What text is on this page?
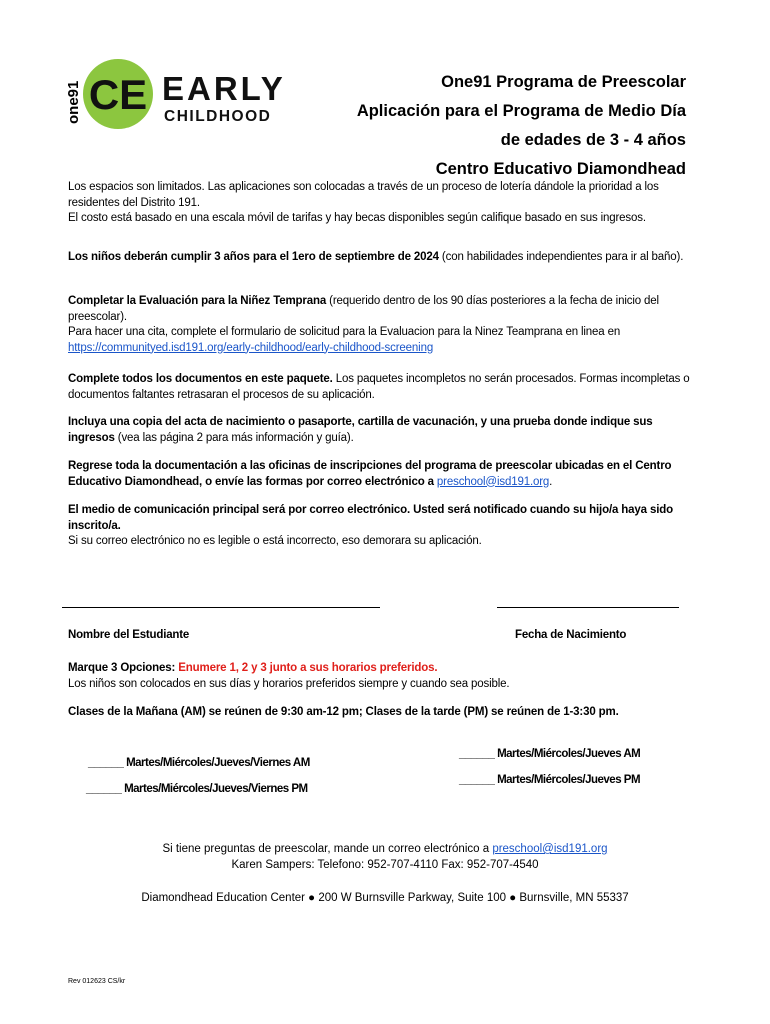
one91 CE EARLY
CHILDHOOD
One91 Programa de Preescolar
Aplicación para el Programa de Medio Día
de edades de 3 - 4 años
Centro Educativo Diamondhead
Los espacios son limitados. Las aplicaciones son colocadas a través de un proceso de lotería dándole la prioridad a los residentes del Distrito 191.
El costo está basado en una escala móvil de tarifas y hay becas disponibles según califique basado en sus ingresos.
Los niños deberán cumplir 3 años para el 1ero de septiembre de 2024 (con habilidades independientes para ir al baño).
Completar la Evaluación para la Niñez Temprana (requerido dentro de los 90 días posteriores a la fecha de inicio del preescolar).
Para hacer una cita, complete el formulario de solicitud para la Evaluacion para la Ninez Teamprana en linea en
https://communityed.isd191.org/early-childhood/early-childhood-screening
Complete todos los documentos en este paquete. Los paquetes incompletos no serán procesados. Formas incompletas o documentos faltantes retrasaran el procesos de su aplicación.
Incluya una copia del acta de nacimiento o pasaporte, cartilla de vacunación, y una prueba donde indique sus ingresos (vea las página 2 para más información y guía).
Regrese toda la documentación a las oficinas de inscripciones del programa de preescolar ubicadas en el Centro Educativo Diamondhead, o envíe las formas por correo electrónico a preschool@isd191.org.
El medio de comunicación principal será por correo electrónico. Usted será notificado cuando su hijo/a haya sido inscrito/a.
Si su correo electrónico no es legible o está incorrecto, eso demorara su aplicación.
Nombre del Estudiante	Fecha de Nacimiento
Marque 3 Opciones: Enumere 1, 2 y 3 junto a sus horarios preferidos.
Los niños son colocados en sus días y horarios preferidos siempre y cuando sea posible.
Clases de la Mañana (AM) se reúnen de 9:30 am-12 pm; Clases de la tarde (PM) se reúnen de 1-3:30 pm.
______ Martes/Miércoles/Jueves/Viernes AM
______ Martes/Miércoles/Jueves/Viernes PM
______ Martes/Miércoles/Jueves AM
______ Martes/Miércoles/Jueves PM
Si tiene preguntas de preescolar, mande un correo electrónico a preschool@isd191.org
Karen Sampers: Telefono: 952-707-4110 Fax: 952-707-4540
Diamondhead Education Center ● 200 W Burnsville Parkway, Suite 100 ● Burnsville, MN 55337
Rev 012623 CS/kr
